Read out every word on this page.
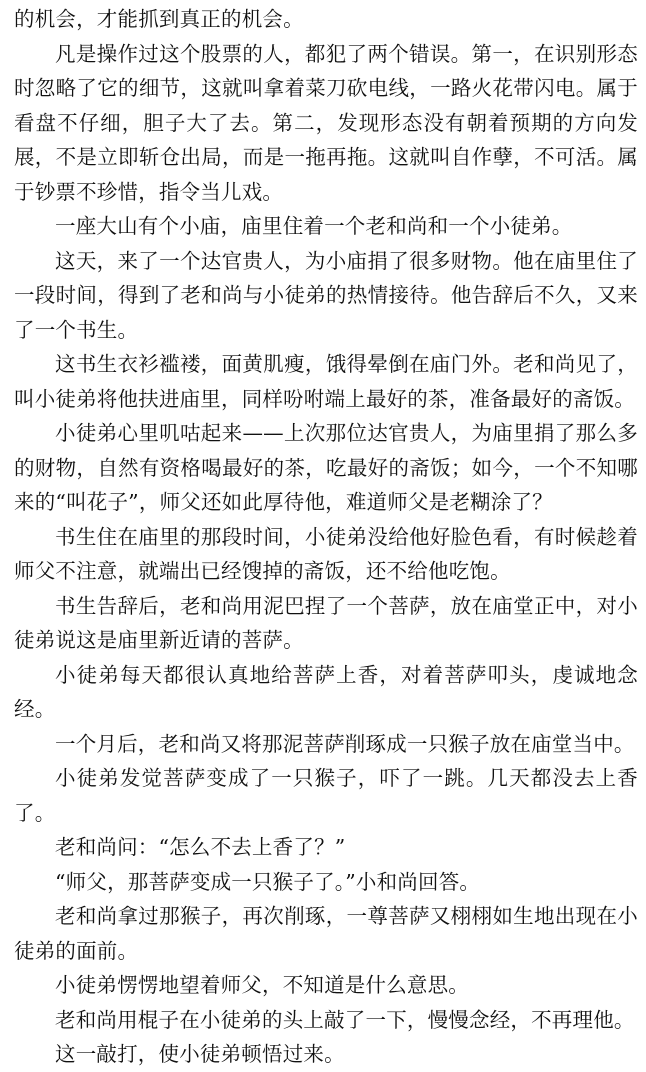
的机会，才能抓到真正的机会。

凡是操作过这个股票的人，都犯了两个错误。第一，在识别形态时忽略了它的细节，这就叫拿着菜刀砍电线，一路火花带闪电。属于看盘不仔细，胆子大了去。第二，发现形态没有朝着预期的方向发展，不是立即斩仓出局，而是一拖再拖。这就叫自作孽，不可活。属于钞票不珍惜，指令当儿戏。

一座大山有个小庙，庙里住着一个老和尚和一个小徒弟。

这天，来了一个达官贵人，为小庙捐了很多财物。他在庙里住了一段时间，得到了老和尚与小徒弟的热情接待。他告辞后不久，又来了一个书生。

这书生衣衫褴褛，面黄肌瘦，饿得晕倒在庙门外。老和尚见了，叫小徒弟将他扶进庙里，同样吩咐端上最好的茶，准备最好的斋饭。

小徒弟心里叽咕起来——上次那位达官贵人，为庙里捐了那么多的财物，自然有资格喝最好的茶，吃最好的斋饭；如今，一个不知哪来的“叫花子”，师父还如此厚待他，难道师父是老糊涂了？

书生住在庙里的那段时间，小徒弟没给他好脸色看，有时候趁着师父不注意，就端出已经馊掉的斋饭，还不给他吃饱。

书生告辞后，老和尚用泥巴捏了一个菩萨，放在庙堂正中，对小徒弟说这是庙里新近请的菩萨。

小徒弟每天都很认真地给菩萨上香，对着菩萨叩头，虔诚地念经。

一个月后，老和尚又将那泥菩萨削琢成一只猴子放在庙堂当中。

小徒弟发觉菩萨变成了一只猴子，吓了一跳。几天都没去上香了。

老和尚问：“怎么不去上香了？”

“师父，那菩萨变成一只猴子了。”小和尚回答。

老和尚拿过那猴子，再次削琢，一尊菩萨又栩栩如生地出现在小徒弟的面前。

小徒弟愣愣地望着师父，不知道是什么意思。

老和尚用棍子在小徒弟的头上敲了一下，慢慢念经，不再理他。

这一敲打，使小徒弟顿悟过来。
